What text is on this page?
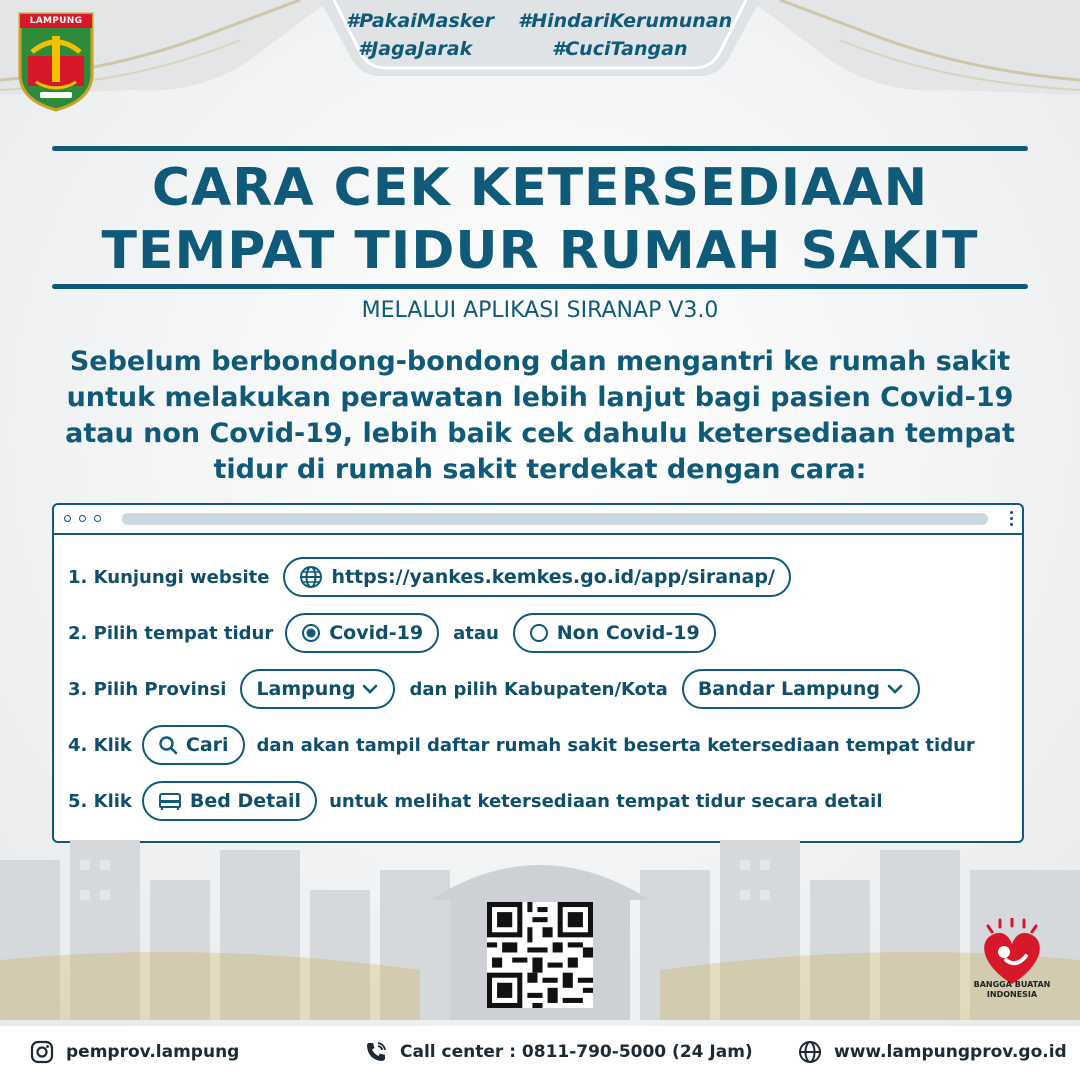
LAMPUNG	#PakaiMasker #HindariKerumunan
#JagaJarak	#CuciTangan
CARA CEK KETERSEDIAAN
TEMPAT TIDUR RUMAH SAKIT
MELALUI APLIKASI SIRANAP V3.0
Sebelum berbondong-bondong dan mengantri ke rumah sakit untuk melakukan perawatan lebih lanjut bagi pasien Covid-19 atau non Covid-19, lebih baik cek dahulu ketersediaan tempat tidur di rumah sakit terdekat dengan cara:
1. Kunjungi website	https://yankes.kemkes.go.id/app/siranap/
2. Pilih tempat tidur	Covid-19 atau	Non Covid-19
3. Pilih Provinsi Lampung	dan pilih Kabupaten/Kota Bandar Lampung
4. Klik	Cari dan akan tampil daftar rumah sakit beserta ketersediaan tempat tidur
5. Klik	Bed Detail untuk melihat ketersediaan tempat tidur secara detail
BANGGA BUATAN
INDONESIA
pemprov.lampung	Call center : 0811-790-5000 (24 Jam)	www.lampungprov.go.id
